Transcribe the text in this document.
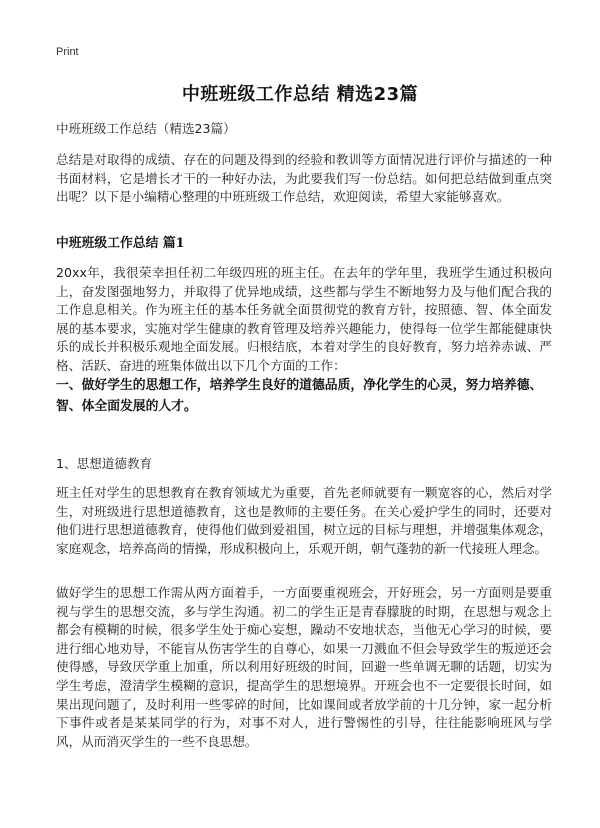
Print
中班班级工作总结 精选23篇

中班班级工作总结（精选23篇）

总结是对取得的成绩、存在的问题及得到的经验和教训等方面情况进行评价与描述的一种书面材料，它是增长才干的一种好办法，为此要我们写一份总结。如何把总结做到重点突出呢？以下是小编精心整理的中班班级工作总结，欢迎阅读，希望大家能够喜欢。

中班班级工作总结 篇1

20xx年，我很荣幸担任初二年级四班的班主任。在去年的学年里，我班学生通过积极向上，奋发图强地努力，并取得了优异地成绩，这些都与学生不断地努力及与他们配合我的工作息息相关。作为班主任的基本任务就全面贯彻党的教育方针，按照德、智、体全面发展的基本要求，实施对学生健康的教育管理及培养兴趣能力，使得每一位学生都能健康快乐的成长并积极乐观地全面发展。归根结底，本着对学生的良好教育，努力培养赤诚、严格、活跃、奋进的班集体做出以下几个方面的工作：

一、做好学生的思想工作，培养学生良好的道德品质，净化学生的心灵，努力培养德、智、体全面发展的人才。

1、思想道德教育

班主任对学生的思想教育在教育领域尤为重要，首先老师就要有一颗宽容的心，然后对学生，对班级进行思想道德教育，这也是教师的主要任务。在关心爱护学生的同时，还要对他们进行思想道德教育，使得他们做到爱祖国，树立远的目标与理想，并增强集体观念，家庭观念，培养高尚的情操，形成积极向上，乐观开朗，朝气蓬勃的新一代接班人理念。

做好学生的思想工作需从两方面着手，一方面要重视班会，开好班会，另一方面则是要重视与学生的思想交流，多与学生沟通。初二的学生正是青春朦胧的时期，在思想与观念上都会有模糊的时候，很多学生处于痴心妄想，躁动不安地状态，当他无心学习的时候，要进行细心地劝导，不能盲从伤害学生的自尊心，如果一刀溅血不但会导致学生的叛逆还会使得感，导致厌学重上加重，所以利用好班级的时间，回避一些单调无聊的话题，切实为学生考虑，澄清学生模糊的意识，提高学生的思想境界。开班会也不一定要很长时间，如果出现问题了，及时利用一些零碎的时间，比如课间或者放学前的十几分钟，家一起分析下事件或者是某某同学的行为，对事不对人，进行警惕性的引导，往往能影响班风与学风，从而消灭学生的一些不良思想。
